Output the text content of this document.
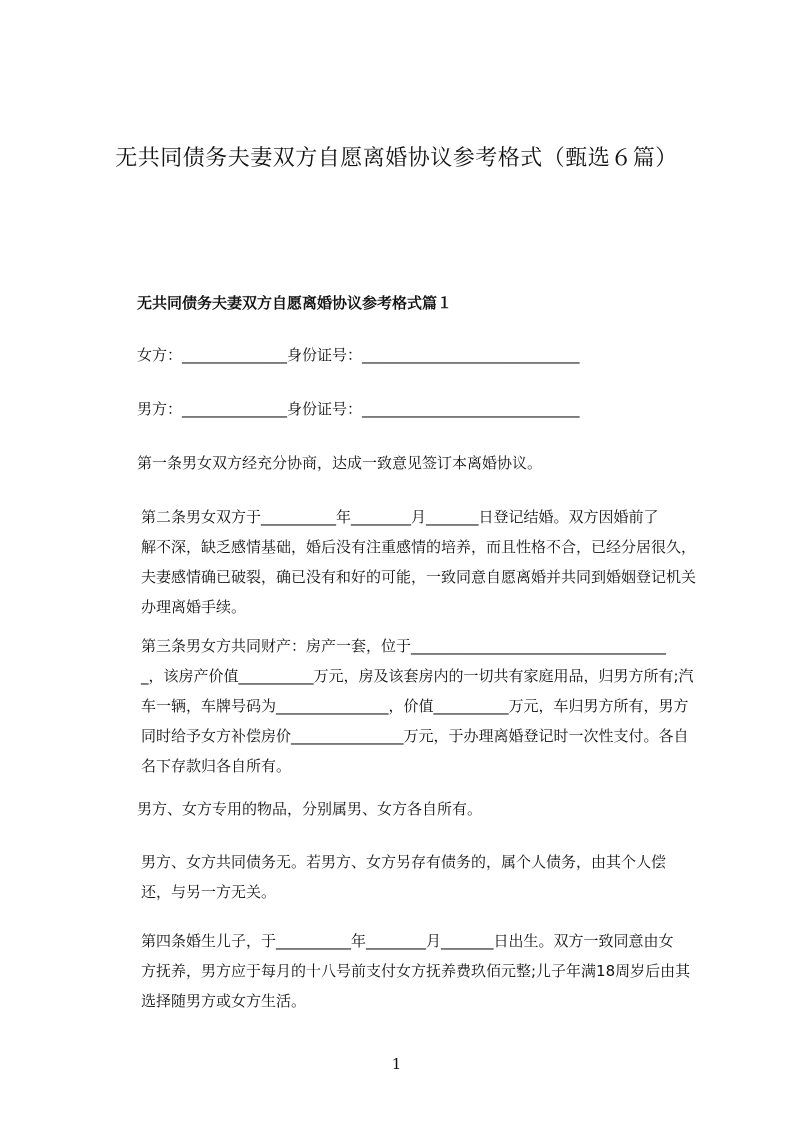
无共同债务夫妻双方自愿离婚协议参考格式（甄选６篇）
无共同债务夫妻双方自愿离婚协议参考格式篇１

女方：______________身份证号：_____________________________

男方：______________身份证号：_____________________________

第一条男女双方经充分协商，达成一致意见签订本离婚协议。

第二条男女双方于__________年________月_______日登记结婚。双方因婚前了
解不深，缺乏感情基础，婚后没有注重感情的培养，而且性格不合，已经分居很久，
夫妻感情确已破裂，确已没有和好的可能，一致同意自愿离婚并共同到婚姻登记机关
办理离婚手续。
第三条男女方共同财产：房产一套，位于__________________________________
_，该房产价值__________万元，房及该套房内的一切共有家庭用品，归男方所有;汽
车一辆，车牌号码为_______________，价值__________万元，车归男方所有，男方
同时给予女方补偿房价_______________万元，于办理离婚登记时一次性支付。各自
名下存款归各自所有。

男方、女方专用的物品，分别属男、女方各自所有。

男方、女方共同债务无。若男方、女方另存有债务的，属个人债务，由其个人偿
还，与另一方无关。
第四条婚生儿子，于__________年________月_______日出生。双方一致同意由女
方抚养，男方应于每月的十八号前支付女方抚养费玖佰元整;儿子年满18周岁后由其
选择随男方或女方生活。

1
